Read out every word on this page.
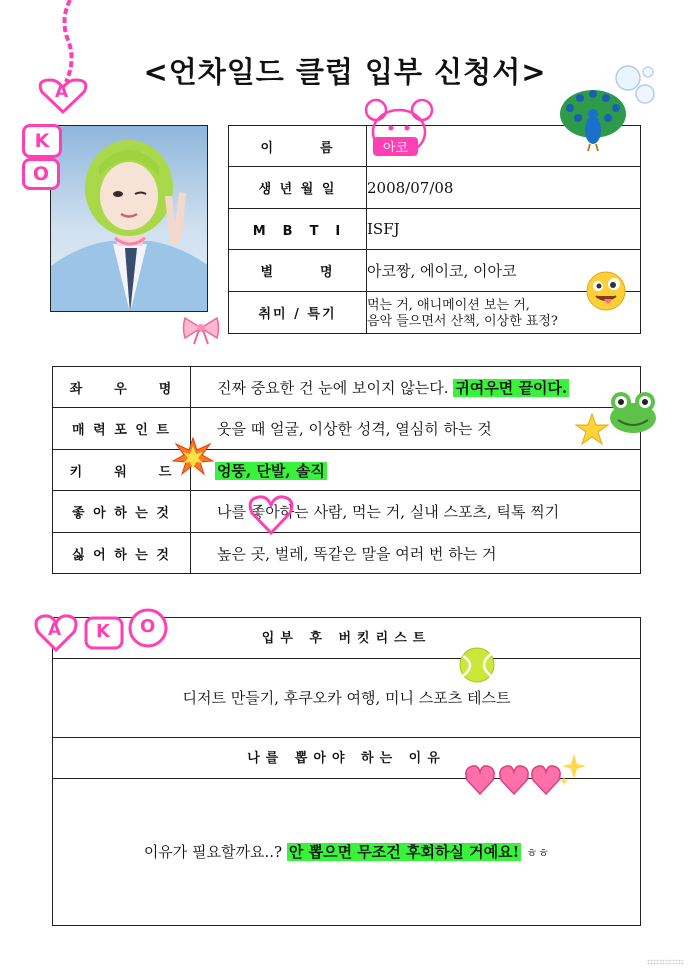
<언차일드 클럽 입부 신청서>
이　　　름	아코
생 년 월 일	2008/07/08
M　B　T　I	ISFJ
별　　　명	아코짱, 에이코, 이아코
취미 / 특기	먹는 거, 애니메이션 보는 거,
음악 들으면서 산책, 이상한 표정?
좌　　우　　명	진짜 중요한 건 눈에 보이지 않는다. 귀여우면 끝이다.
매 력 포 인 트	웃을 때 얼굴, 이상한 성격, 열심히 하는 것
키　　워　　드	엉뚱, 단발, 솔직
좋 아 하 는 것	나를 좋아하는 사람, 먹는 거, 실내 스포츠, 틱톡 찍기
싫 어 하 는 것	높은 곳, 벌레, 똑같은 말을 여러 번 하는 거
입부 후 버킷리스트
디저트 만들기, 후쿠오카 여행, 미니 스포츠 테스트
나를 뽑아야 하는 이유
이유가 필요할까요..? 안 뽑으면 무조건 후회하실 거예요! ㅎㅎ
A
K
O
A K O
⌗⌗⌗⌗⌗⌗
